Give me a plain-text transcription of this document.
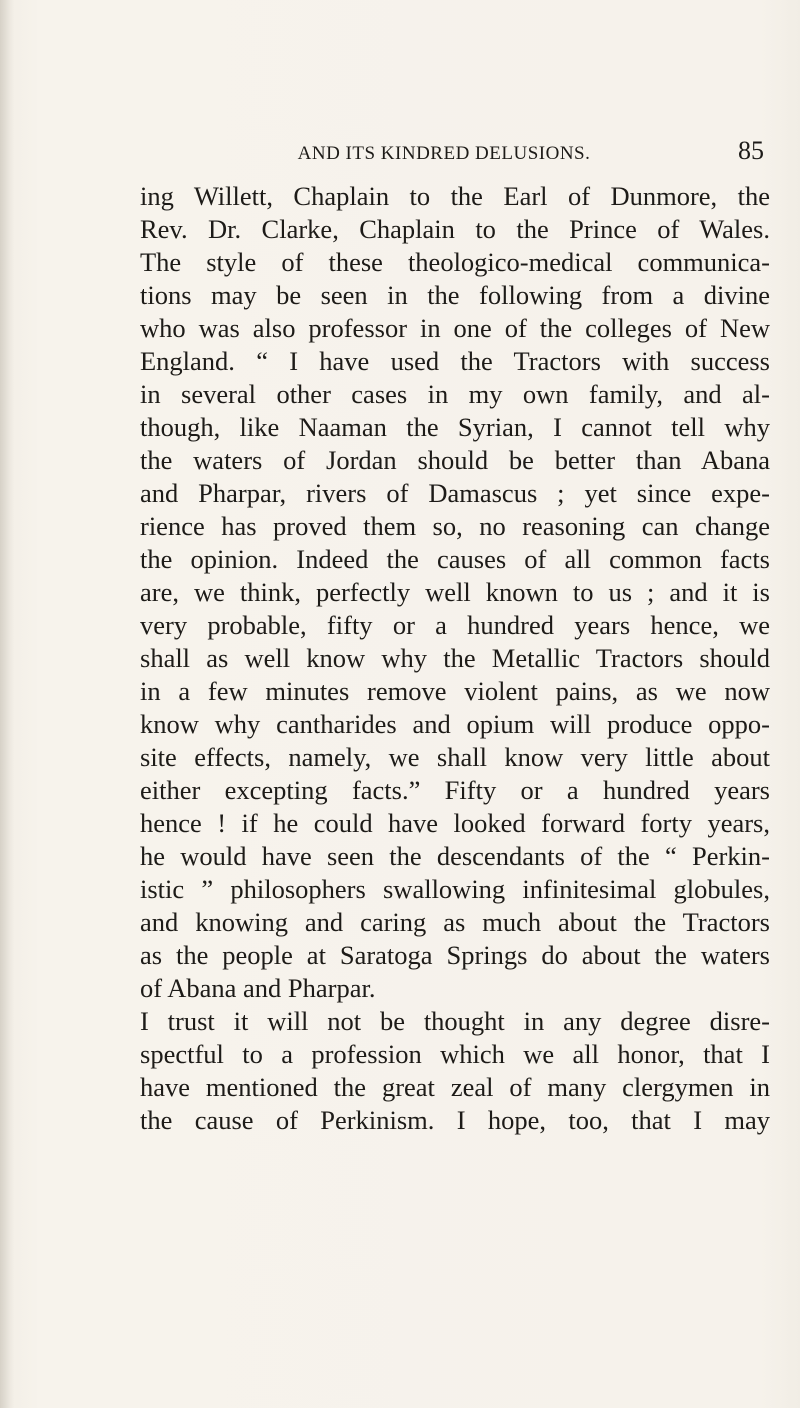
AND ITS KINDRED DELUSIONS.	85
ing Willett, Chaplain to the Earl of Dunmore, the
Rev. Dr. Clarke, Chaplain to the Prince of Wales.
The style of these theologico-medical communica-
tions may be seen in the following from a divine
who was also professor in one of the colleges of New
England. “ I have used the Tractors with success
in several other cases in my own family, and al-
though, like Naaman the Syrian, I cannot tell why
the waters of Jordan should be better than Abana
and Pharpar, rivers of Damascus ; yet since expe-
rience has proved them so, no reasoning can change
the opinion. Indeed the causes of all common facts
are, we think, perfectly well known to us ; and it is
very probable, fifty or a hundred years hence, we
shall as well know why the Metallic Tractors should
in a few minutes remove violent pains, as we now
know why cantharides and opium will produce oppo-
site effects, namely, we shall know very little about
either excepting facts.” Fifty or a hundred years
hence ! if he could have looked forward forty years,
he would have seen the descendants of the “ Perkin-
istic ” philosophers swallowing infinitesimal globules,
and knowing and caring as much about the Tractors
as the people at Saratoga Springs do about the waters
of Abana and Pharpar.
I trust it will not be thought in any degree disre-
spectful to a profession which we all honor, that I
have mentioned the great zeal of many clergymen in
the cause of Perkinism. I hope, too, that I may
